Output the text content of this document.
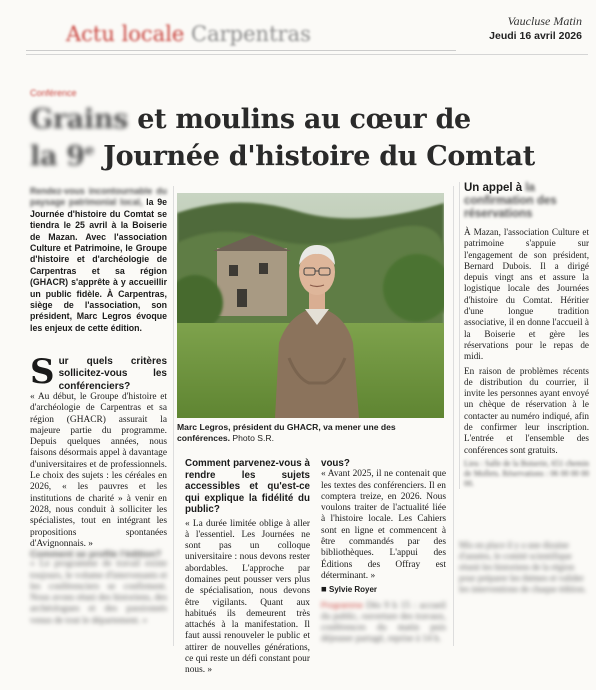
Actu locale Carpentras
Vaucluse Matin
Jeudi 16 avril 2026
Conférence
Grains et moulins au cœur de
la 9e Journée d'histoire du Comtat
Rendez-vous incontournable du paysage patrimonial local, la 9e Journée d'histoire du Comtat se tiendra le 25 avril à la Boiserie de Mazan. Avec l'association Culture et Patrimoine, le Groupe d'histoire et d'archéologie de Carpentras et sa région (GHACR) s'apprête à y accueillir un public fidèle. À Carpentras, siège de l'association, son président, Marc Legros évoque les enjeux de cette édition.
S ur quels critères sollicitez-vous les conférenciers?
« Au début, le Groupe d'histoire et d'archéologie de Carpentras et sa région (GHACR) assurait la majeure partie du programme. Depuis quelques années, nous faisons désormais appel à davantage d'universitaires et de professionnels. Le choix des sujets : les céréales en 2026, « les pauvres et les institutions de charité » à venir en 2028, nous conduit à solliciter les spécialistes, tout en intégrant les propositions spontanées d'Avignonnais. »
Comment se profile l'édition?
« Le programme de travail existe toujours, le volume d'intervenants et les conférenciers se confirment. Nous avons réuni des historiens, des archéologues et des passionnés venus de tout le département. »
Marc Legros, président du GHACR, va mener une des conférences. Photo S.R.
Comment parvenez-vous à rendre les sujets accessibles et qu'est-ce qui explique la fidélité du public?
« La durée limitée oblige à aller à l'essentiel. Les Journées ne sont pas un colloque universitaire : nous devons rester abordables. L'approche par domaines peut pousser vers plus de spécialisation, nous devons être vigilants. Quant aux habitués ils demeurent très attachés à la manifestation. Il faut aussi renouveler le public et attirer de nouvelles générations, ce qui reste un défi constant pour nous. »
vous?
« Avant 2025, il ne contenait que les textes des conférenciers. Il en comptera treize, en 2026. Nous voulons traiter de l'actualité liée à l'histoire locale. Les Cahiers sont en ligne et commencent à être commandés par des bibliothèques. L'appui des Éditions des Offray est déterminant. »
■ Sylvie Royer
Programme Dès 9 h 15 : accueil du public, ouverture des travaux, conférences du matin puis déjeuner partagé, reprise à 14 h.
Un appel à la confirmation des réservations
À Mazan, l'association Culture et patrimoine s'appuie sur l'engagement de son président, Bernard Dubois. Il a dirigé depuis vingt ans et assure la logistique locale des Journées d'histoire du Comtat. Héritier d'une longue tradition associative, il en donne l'accueil à la Boiserie et gère les réservations pour le repas de midi.
En raison de problèmes récents de distribution du courrier, il invite les personnes ayant envoyé un chèque de réservation à le contacter au numéro indiqué, afin de confirmer leur inscription. L'entrée et l'ensemble des conférences sont gratuits.
Lieu : Salle de la Boiserie, 651 chemin de Mollets. Réservations : 06 00 00 00 00.
Mis en place il y a une dizaine d'années, le comité scientifique réunit les historiens de la région pour préparer les thèmes et valider les interventions de chaque édition.
